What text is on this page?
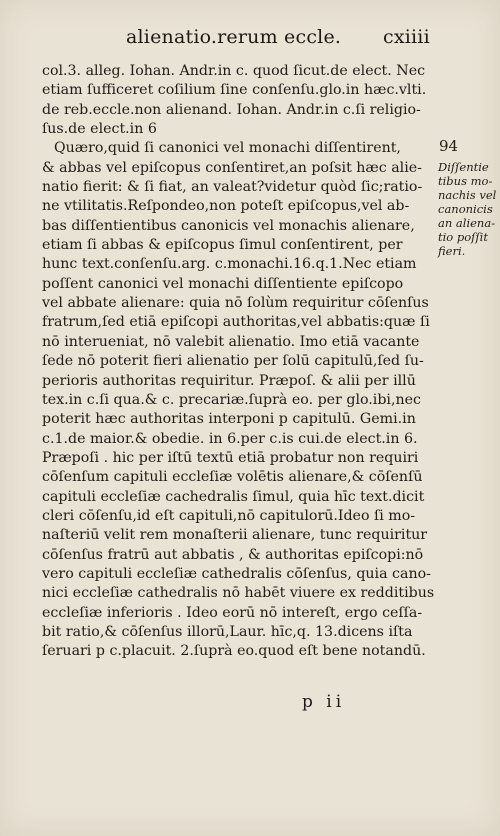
alienatio.rerum eccle. cxiiii
col.3. alleg. Iohan. Andr.in c. quod ſicut.de elect. Nec
etiam ſufficeret coſilium ſine conſenſu.glo.in hæc.vlti.
de reb.eccle.non alienand. Iohan. Andr.in c.ſi religio-
ſus.de elect.in 6
Quæro,quid ſi canonici vel monachi diſſentirent,
& abbas vel epiſcopus conſentiret,an poſsit hæc alie-
natio fierit: & ſi fiat, an valeat?videtur quòd ſic;ratio-
ne vtilitatis.Reſpondeo,non poteſt epiſcopus,vel ab-
bas diſſentientibus canonicis vel monachis alienare,
etiam ſi abbas & epiſcopus ſimul conſentirent, per
hunc text.conſenſu.arg. c.monachi.16.q.1.Nec etiam
poſſent canonici vel monachi diſſentiente epiſcopo
vel abbate alienare: quia nō ſolùm requiritur cōſenſus
fratrum,ſed etiā epiſcopi authoritas,vel abbatis:quæ ſi
nō interueniat, nō valebit alienatio. Imo etiā vacante
ſede nō poterit fieri alienatio per ſolū capitulū,ſed ſu-
perioris authoritas requiritur. Præpoſ. & alii per illū
tex.in c.ſi qua.& c. precariæ.ſuprà eo. per glo.ibi,nec
poterit hæc authoritas interponi p capitulū. Gemi.in
c.1.de maior.& obedie. in 6.per c.is cui.de elect.in 6.
Præpoſi . hic per iſtū textū etiā probatur non requiri
cōſenſum capituli eccleſiæ volētis alienare,& cōſenſū
capituli eccleſiæ cachedralis ſimul, quia hīc text.dicit
cleri cōſenſu,id eſt capituli,nō capitulorū.Ideo ſi mo-
naſteriū velit rem monaſterii alienare, tunc requiritur
cōſenſus fratrū aut abbatis , & authoritas epiſcopi:nō
vero capituli eccleſiæ cathedralis cōſenſus, quia cano-
nici eccleſiæ cathedralis nō habēt viuere ex redditibus
eccleſiæ inferioris . Ideo eorū nō intereſt, ergo ceſſa-
bit ratio,& cōſenſus illorū,Laur. hīc,q. 13.dicens iſta
ſeruari p c.placuit. 2.ſuprà eo.quod eſt bene notandū.
94
Diſſentie
tibus mo-
nachis vel
canonicis
an aliena-
tio poſſit
fieri.
p ii
